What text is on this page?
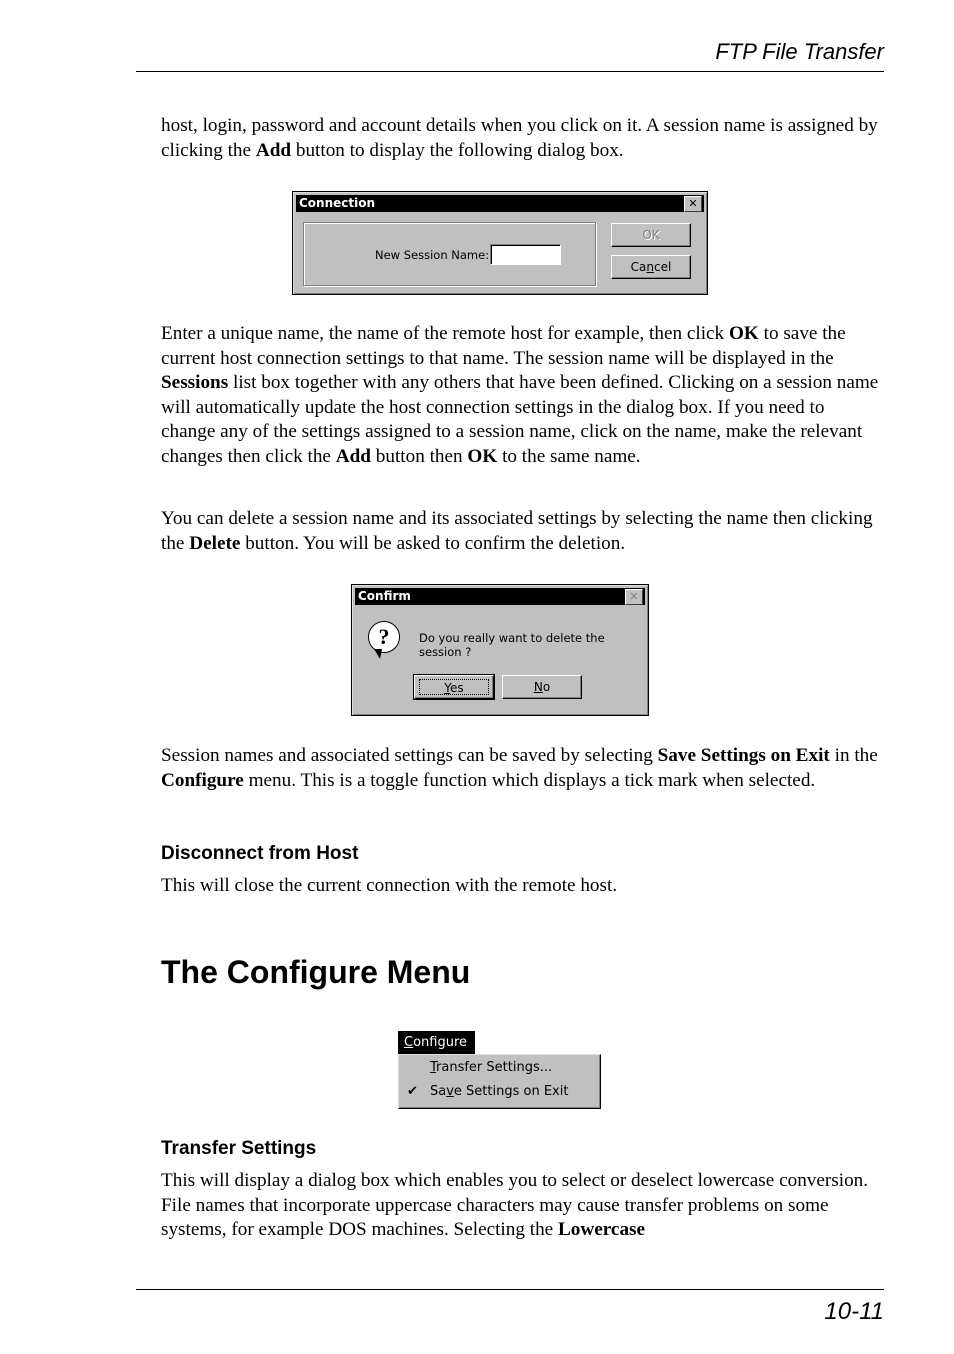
FTP File Transfer

host, login, password and account details when you click on it. A session name is assigned by clicking the Add button to display the following dialog box.

Connection	✕
New Session Name:
OK
Cancel

Enter a unique name, the name of the remote host for example, then click OK to save the current host connection settings to that name. The session name will be displayed in the Sessions list box together with any others that have been defined. Clicking on a session name will automatically update the host connection settings in the dialog box. If you need to change any of the settings assigned to a session name, click on the name, make the relevant changes then click the Add button then OK to the same name.

You can delete a session name and its associated settings by selecting the name then clicking the Delete button. You will be asked to confirm the deletion.

Confirm	✕
?	Do you really want to delete the session ?
Yes	No

Session names and associated settings can be saved by selecting Save Settings on Exit in the Configure menu. This is a toggle function which displays a tick mark when selected.

Disconnect from Host

This will close the current connection with the remote host.

The Configure Menu
Configure
Transfer Settings...
✔ Save Settings on Exit
Transfer Settings

This will display a dialog box which enables you to select or deselect lowercase conversion. File names that incorporate uppercase characters may cause transfer problems on some systems, for example DOS machines. Selecting the Lowercase

10-11
